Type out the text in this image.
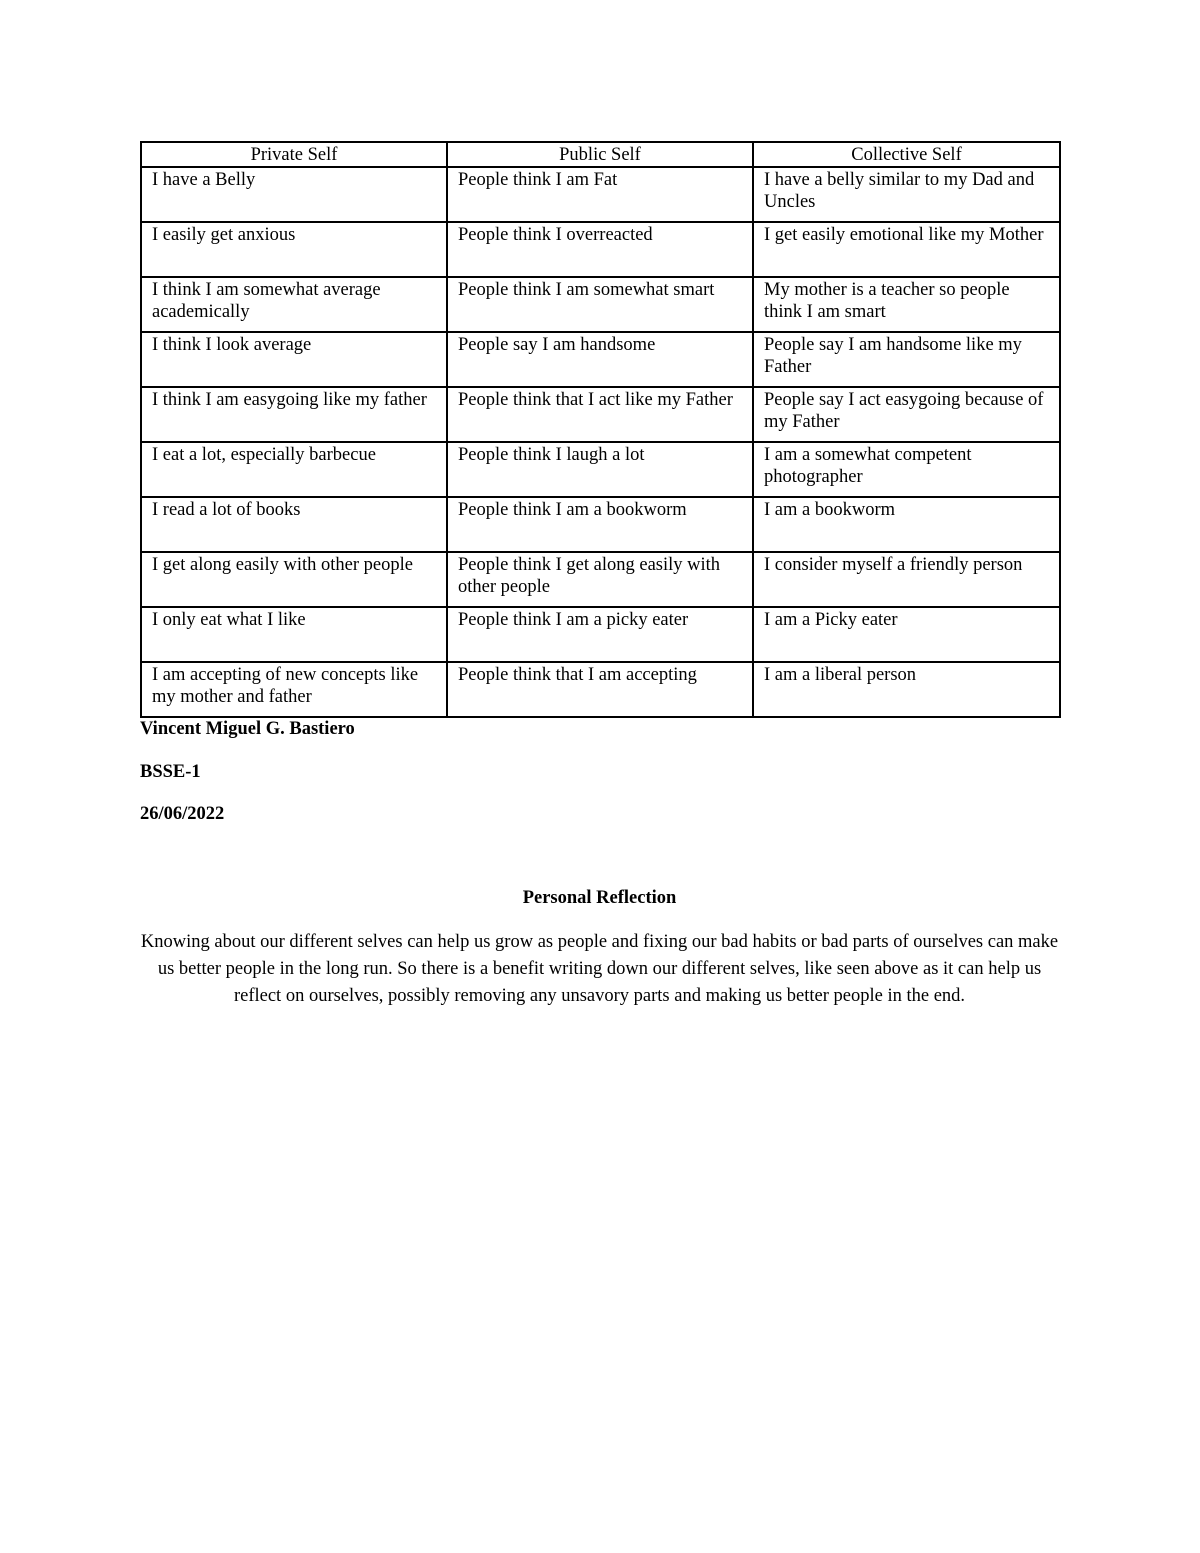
Private Self	Public Self	Collective Self
I have a Belly	People think I am Fat	I have a belly similar to my Dad and Uncles
I easily get anxious	People think I overreacted	I get easily emotional like my Mother
I think I am somewhat average academically	People think I am somewhat smart	My mother is a teacher so people think I am smart
I think I look average	People say I am handsome	People say I am handsome like my Father
I think I am easygoing like my father	People think that I act like my Father	People say I act easygoing because of my Father
I eat a lot, especially barbecue	People think I laugh a lot	I am a somewhat competent photographer
I read a lot of books	People think I am a bookworm	I am a bookworm
I get along easily with other people	People think I get along easily with other people	I consider myself a friendly person
I only eat what I like	People think I am a picky eater	I am a Picky eater
I am accepting of new concepts like my mother and father	People think that I am accepting	I am a liberal person
Vincent Miguel G. Bastiero
BSSE-1
26/06/2022
Personal Reflection
Knowing about our different selves can help us grow as people and fixing our bad habits or bad parts of ourselves can make us better people in the long run. So there is a benefit writing down our different selves, like seen above as it can help us reflect on ourselves, possibly removing any unsavory parts and making us better people in the end.
